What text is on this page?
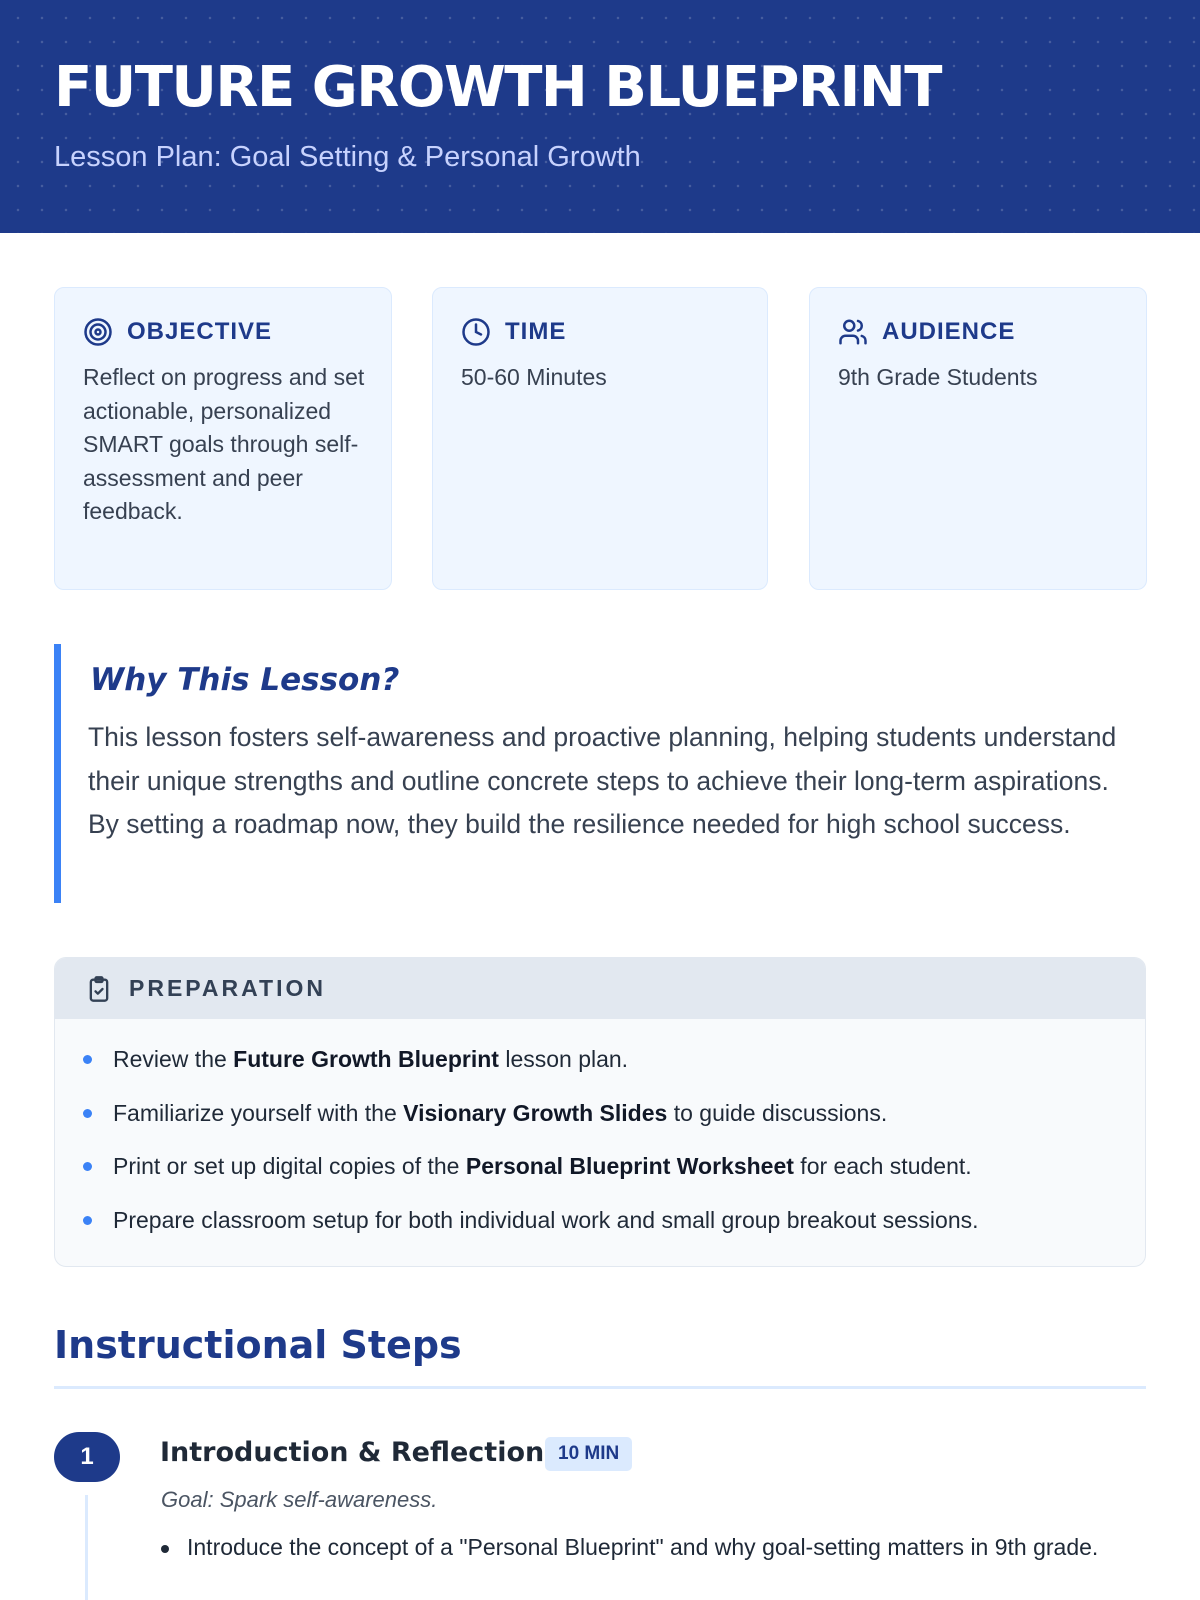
FUTURE GROWTH BLUEPRINT
Lesson Plan: Goal Setting & Personal Growth
OBJECTIVE
Reflect on progress and set actionable, personalized SMART goals through self-assessment and peer feedback.
TIME
50-60 Minutes
AUDIENCE
9th Grade Students
Why This Lesson?
This lesson fosters self-awareness and proactive planning, helping students understand their unique strengths and outline concrete steps to achieve their long-term aspirations. By setting a roadmap now, they build the resilience needed for high school success.
PREPARATION
Review the Future Growth Blueprint lesson plan.
Familiarize yourself with the Visionary Growth Slides to guide discussions.
Print or set up digital copies of the Personal Blueprint Worksheet for each student.
Prepare classroom setup for both individual work and small group breakout sessions.
Instructional Steps
1	Introduction & Reflection 10 MIN
Goal: Spark self-awareness.
Introduce the concept of a "Personal Blueprint" and why goal-setting matters in 9th grade.
